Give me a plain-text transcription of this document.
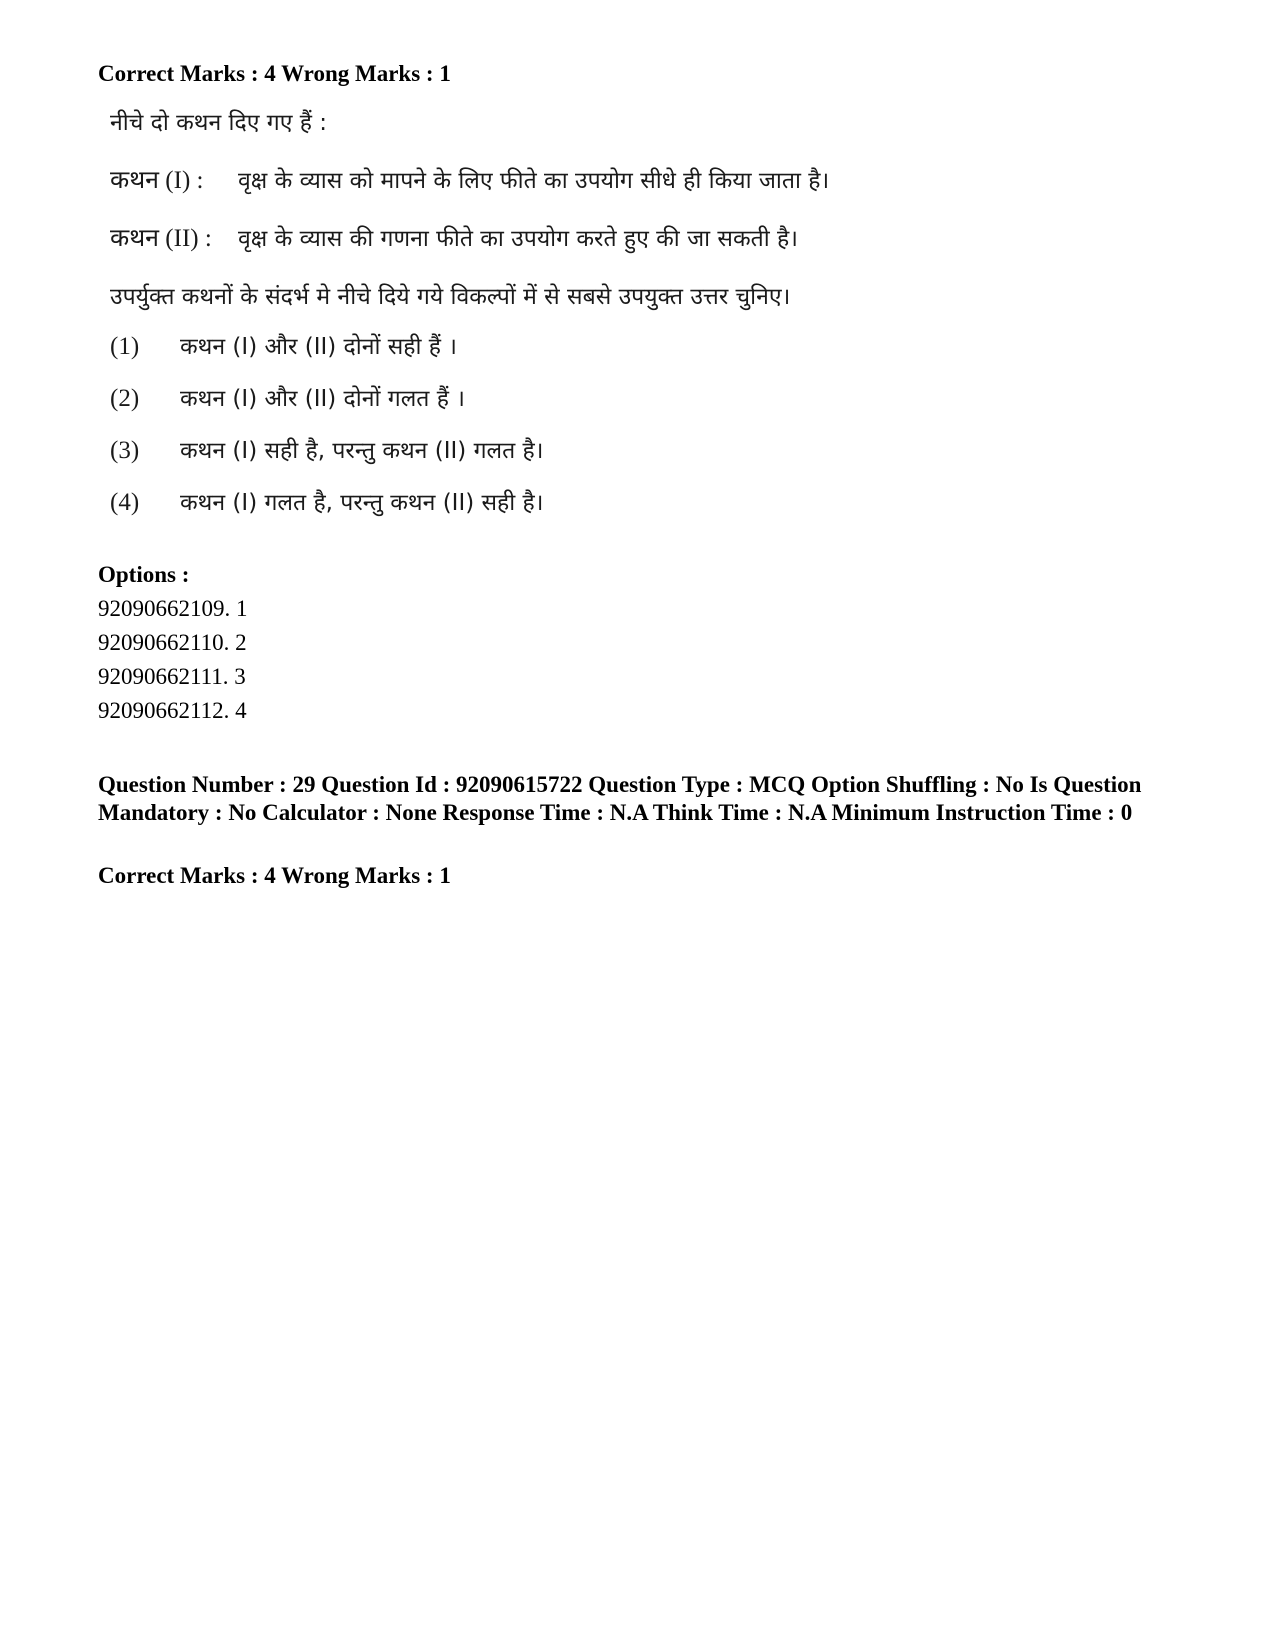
Correct Marks : 4 Wrong Marks : 1
नीचे दो कथन दिए गए हैं :
कथन (I) : वृक्ष के व्यास को मापने के लिए फीते का उपयोग सीधे ही किया जाता है।
कथन (II) : वृक्ष के व्यास की गणना फीते का उपयोग करते हुए की जा सकती है।
उपर्युक्त कथनों के संदर्भ मे नीचे दिये गये विकल्पों में से सबसे उपयुक्त उत्तर चुनिए।
(1) कथन (I) और (II) दोनों सही हैं ।
(2) कथन (I) और (II) दोनों गलत हैं ।
(3) कथन (I) सही है, परन्तु कथन (II) गलत है।
(4) कथन (I) गलत है, परन्तु कथन (II) सही है।
Options :
92090662109. 1
92090662110. 2
92090662111. 3
92090662112. 4
Question Number : 29 Question Id : 92090615722 Question Type : MCQ Option Shuffling : No Is Question Mandatory : No Calculator : None Response Time : N.A Think Time : N.A Minimum Instruction Time : 0
Correct Marks : 4 Wrong Marks : 1
